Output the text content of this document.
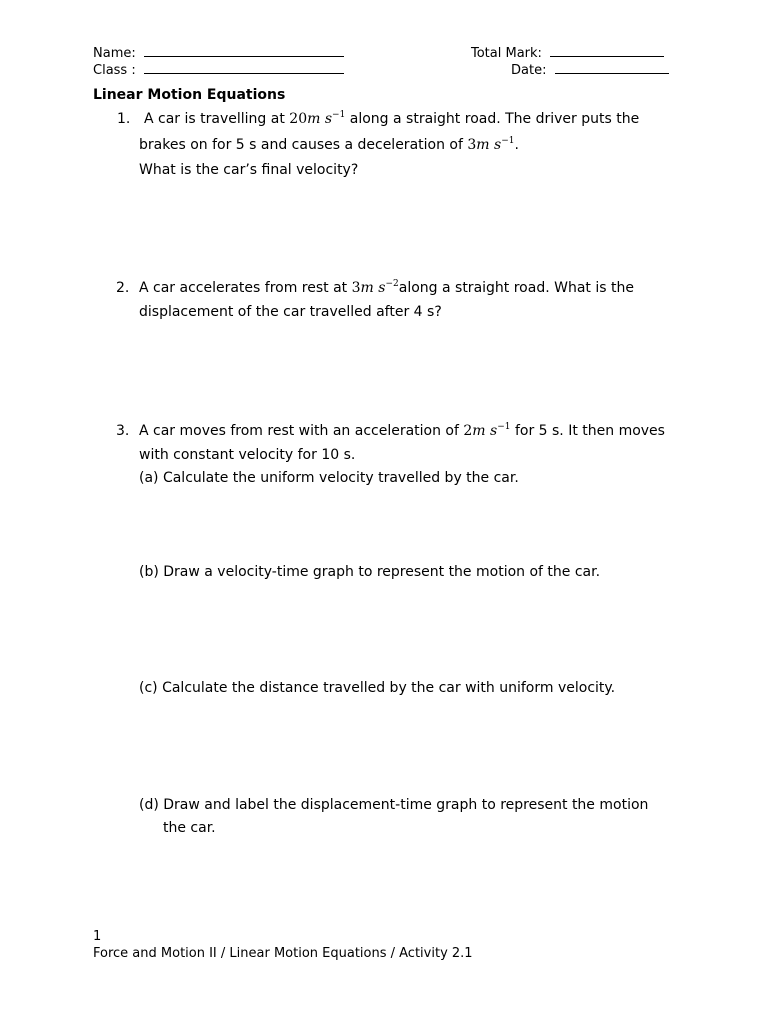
Name:
Class :
Total Mark:
Date:
Linear Motion Equations
1. A car is travelling at 20m $s^{-1}$ along a straight road. The driver puts the
brakes on for 5 s and causes a deceleration of 3m $s^{-1}$.
What is the car’s final velocity?
2. A car accelerates from rest at 3m $s^{-2}along$ a straight road. What is the
displacement of the car travelled after 4 s?
3. A car moves from rest with an acceleration of 2m $s^{-1}$ for 5 s. It then moves
with constant velocity for 10 s.
(a) Calculate the uniform velocity travelled by the car.
(b) Draw a velocity-time graph to represent the motion of the car.
(c) Calculate the distance travelled by the car with uniform velocity.
(d) Draw and label the displacement-time graph to represent the motion
the car.
1
Force and Motion II / Linear Motion Equations / Activity 2.1
